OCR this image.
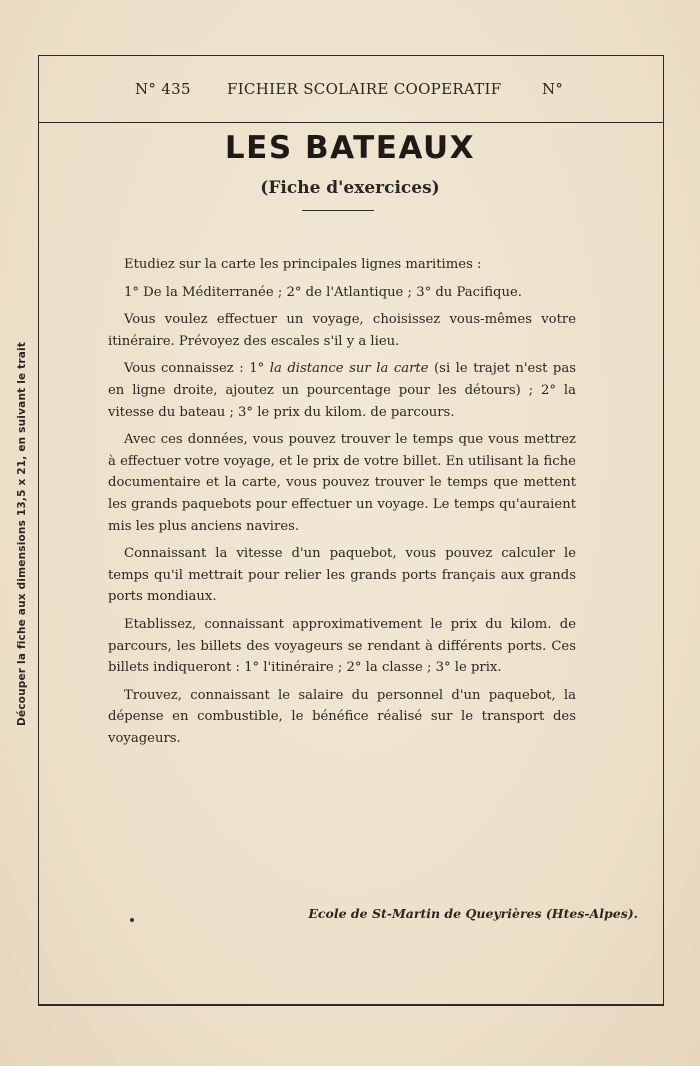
Découper la fiche aux dimensions 13,5 x 21, en suivant le trait
N° 435 FICHIER SCOLAIRE COOPERATIF	N°
LES BATEAUX
(Fiche d'exercices)

Etudiez sur la carte les principales lignes maritimes :

1° De la Méditerranée ; 2° de l'Atlantique ; 3° du Pacifique.

Vous voulez effectuer un voyage, choisissez vous-mêmes votre itinéraire. Prévoyez des escales s'il y a lieu.

Vous connaissez : 1° la distance sur la carte (si le trajet n'est pas en ligne droite, ajoutez un pourcentage pour les détours) ; 2° la vitesse du bateau ; 3° le prix du kilom. de parcours.

Avec ces données, vous pouvez trouver le temps que vous mettrez à effectuer votre voyage, et le prix de votre billet. En utilisant la fiche documentaire et la carte, vous pouvez trouver le temps que mettent les grands paquebots pour effectuer un voyage. Le temps qu'auraient mis les plus anciens navires.

Connaissant la vitesse d'un paquebot, vous pouvez calculer le temps qu'il mettrait pour relier les grands ports français aux grands ports mondiaux.

Etablissez, connaissant approximativement le prix du kilom. de parcours, les billets des voyageurs se rendant à différents ports. Ces billets indiqueront : 1° l'itinéraire ; 2° la classe ; 3° le prix.

Trouvez, connaissant le salaire du personnel d'un paquebot, la dépense en combustible, le bénéfice réalisé sur le transport des voyageurs.

Ecole de St-Martin de Queyrières (Htes-Alpes).
